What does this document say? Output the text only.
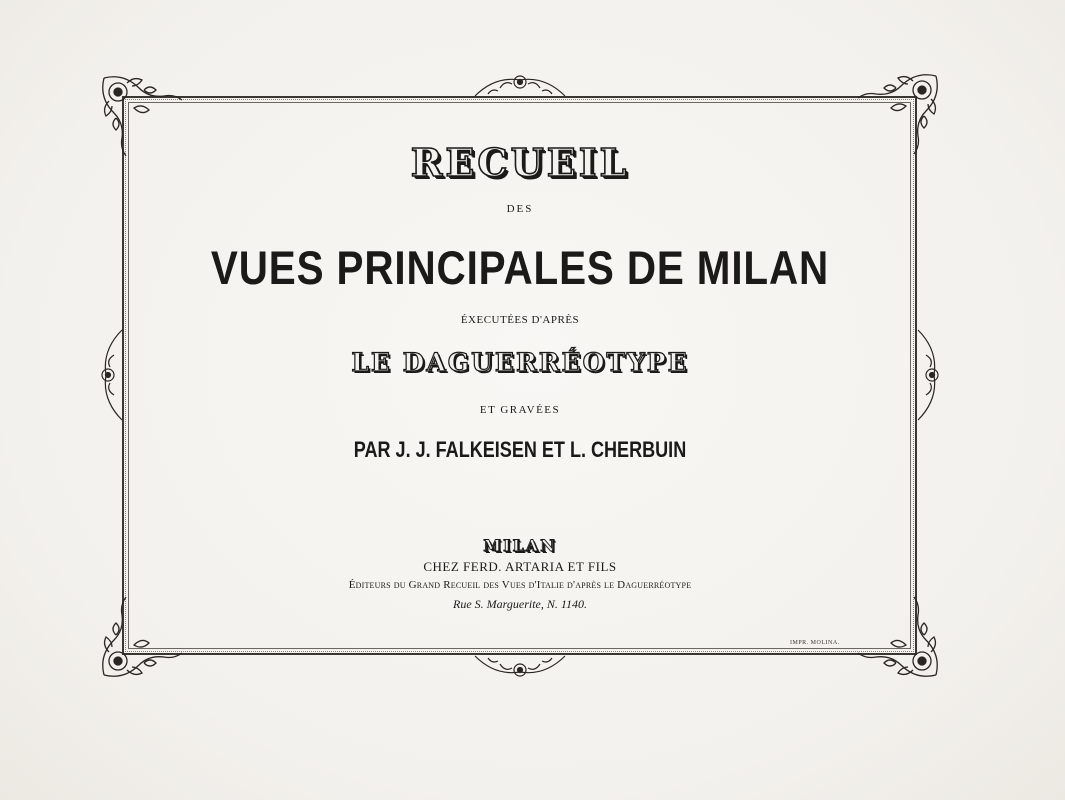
RECUEIL
DES
VUES PRINCIPALES DE MILAN
ÉXECUTÉES D'APRÈS
LE DAGUERRÉOTYPE
ET GRAVÉES
PAR J. J. FALKEISEN ET L. CHERBUIN
MILAN
CHEZ FERD. ARTARIA ET FILS
Éditeurs du Grand Recueil des Vues d'Italie d'après le Daguerréotype
Rue S. Marguerite, N. 1140.
IMPR. MOLINA.
